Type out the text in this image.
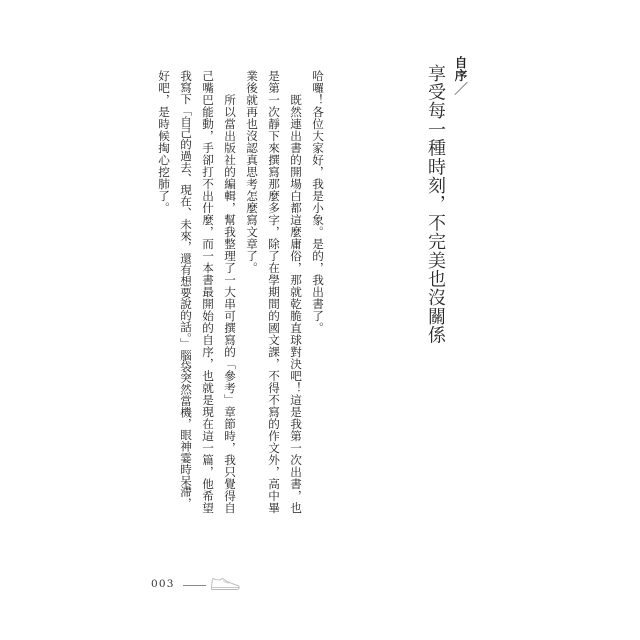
自序／
享受每一種時刻，不完美也沒關係
哈囉！各位大家好，我是小象。是的，我出書了。
既然連出書的開場白都這麼庸俗，那就乾脆直球對決吧！這是我第一次出書，也
是第一次靜下來撰寫那麼多字，除了在學期間的國文課，不得不寫的作文外，高中畢
業後就再也沒認真思考怎麼寫文章了。
所以當出版社的編輯，幫我整理了一大串可撰寫的「參考」章節時，我只覺得自
己嘴巴能動，手卻打不出什麼，而一本書最開始的自序，也就是現在這一篇，他希望
我寫下「自己的過去、現在、未來，還有想要說的話。」腦袋突然當機，眼神霎時呆滯，
好吧，是時候掏心挖肺了。
003
